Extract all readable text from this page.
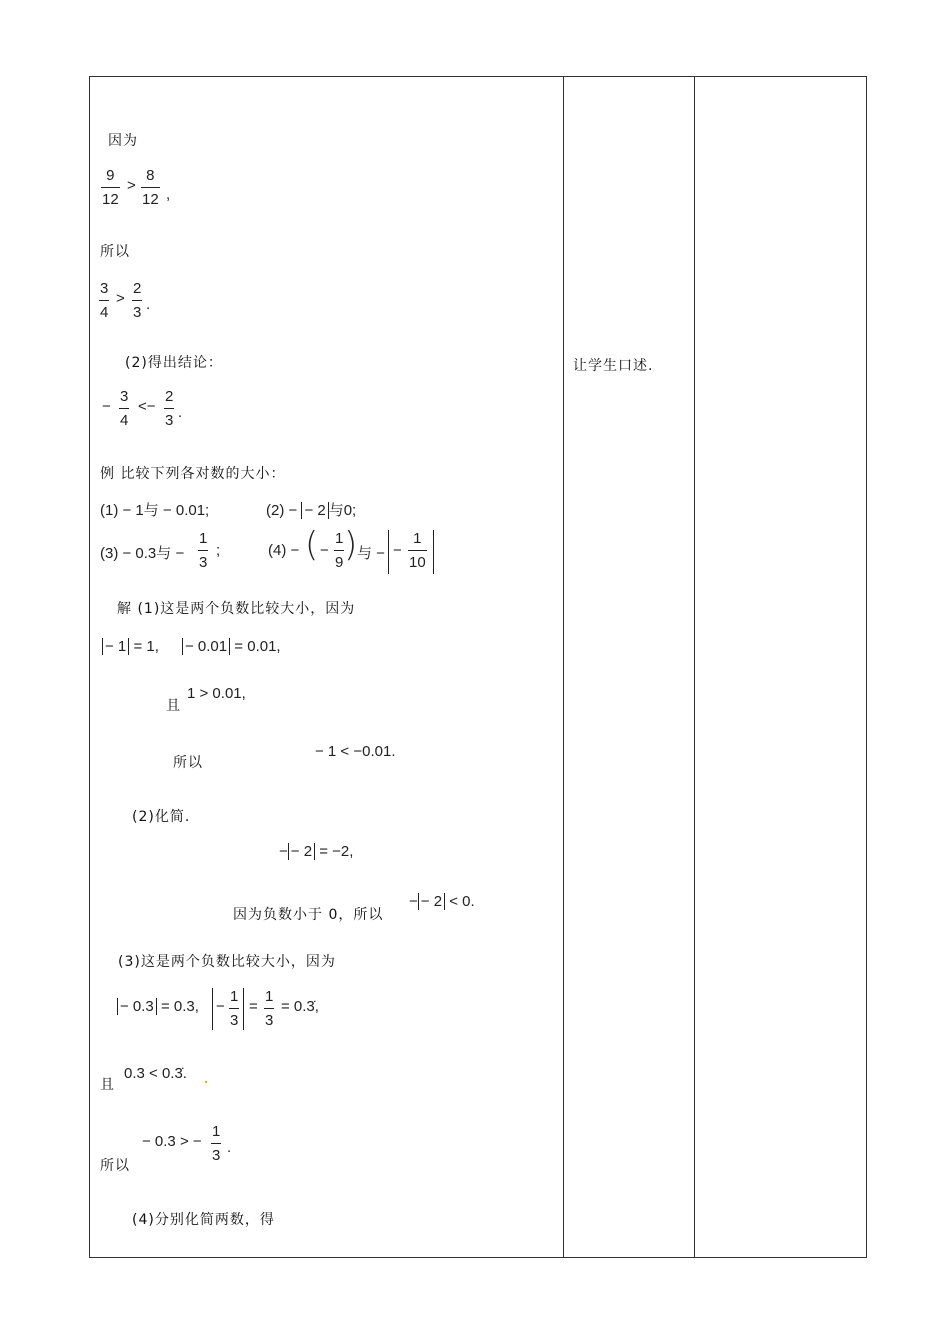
因为
9
12
>
8
12 ,
所以
3
4
>
2
3 .
(2)得出结论：
−
3
4
<−
2
3 .
例 比较下列各对数的大小：
(1) − 1与 − 0.01;	(2) − − 2 与0;
(3) − 0.3与 −
1
3
;	(4) − ( −
1
9 ) 与 − −
1
10
解 (1)这是两个负数比较大小，因为
− 1 = 1, − 0.01 = 0.01,
且
1 > 0.01,
所以
− 1 < −0.01.
(2)化简.
− − 2 = −2,
因为负数小于 0，所以
− − 2 < 0.
(3)这是两个负数比较大小，因为
− 0.3 = 0.3, −
1
3
=
1
3
= 0.3̇,
且
0.3 < 0.3̇.
所以
− 0.3 > −
1
3 .
(4)分别化简两数，得
让学生口述.
